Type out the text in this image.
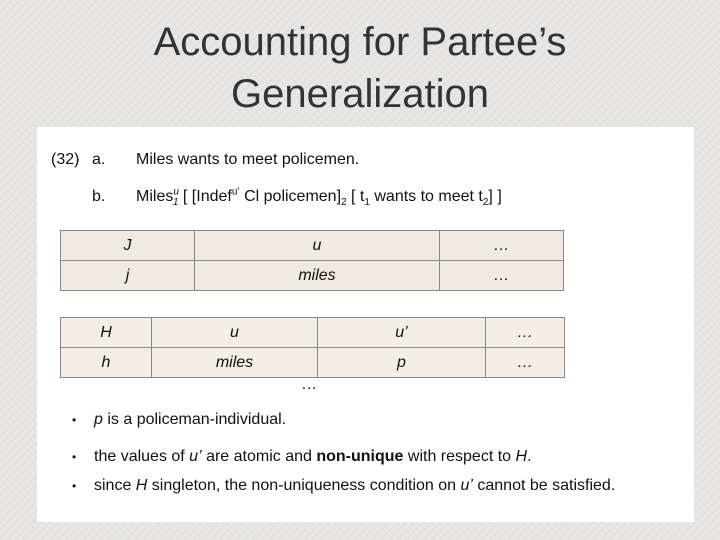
Accounting for Partee’s
Generalization
(32) a. Miles wants to meet policemen.
b. Miles$^u_1$ [ [Indef$^{u’}$ Cl $policemen]_2$ [ $t_1$ wants to meet $t_2$] ]
J	u	…
j	miles	…
H	u	u’	…
h	miles	p	…
…
• p is a policeman-individual.
• the values of u’ are atomic and non-unique with respect to H.
• since H singleton, the non-uniqueness condition on u’ cannot be satisfied.
